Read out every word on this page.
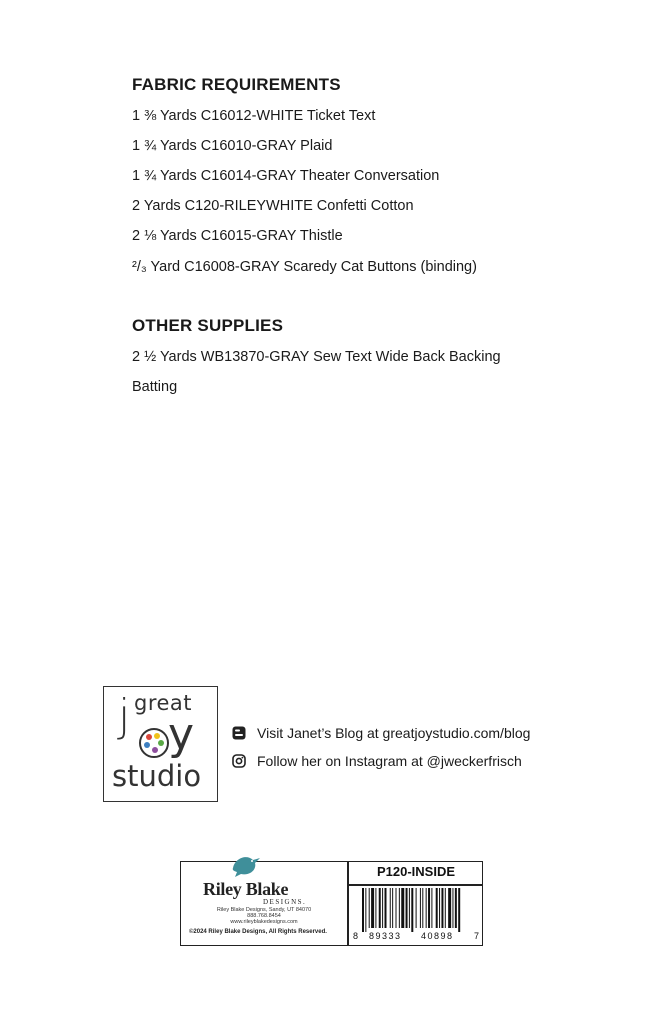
FABRIC REQUIREMENTS
1 ⅜ Yards C16012-WHITE Ticket Text
1 ¾ Yards C16010-GRAY Plaid
1 ¾ Yards C16014-GRAY Theater Conversation
2 Yards C120-RILEYWHITE Confetti Cotton
2 ⅛ Yards C16015-GRAY Thistle
²/₃ Yard C16008-GRAY Scaredy Cat Buttons (binding)
OTHER SUPPLIES
2 ½ Yards WB13870-GRAY Sew Text Wide Back Backing
Batting
great
j y
studio
Visit Janet’s Blog at greatjoystudio.com/blog
Follow her on Instagram at @jweckerfrisch
Riley Blake
DESIGNS.
Riley Blake Designs, Sandy, UT 84070
888.768.8454
www.rileyblakedesigns.com
©2024 Riley Blake Designs, All Rights Reserved.
P120-INSIDE
8 89333 40898 7
